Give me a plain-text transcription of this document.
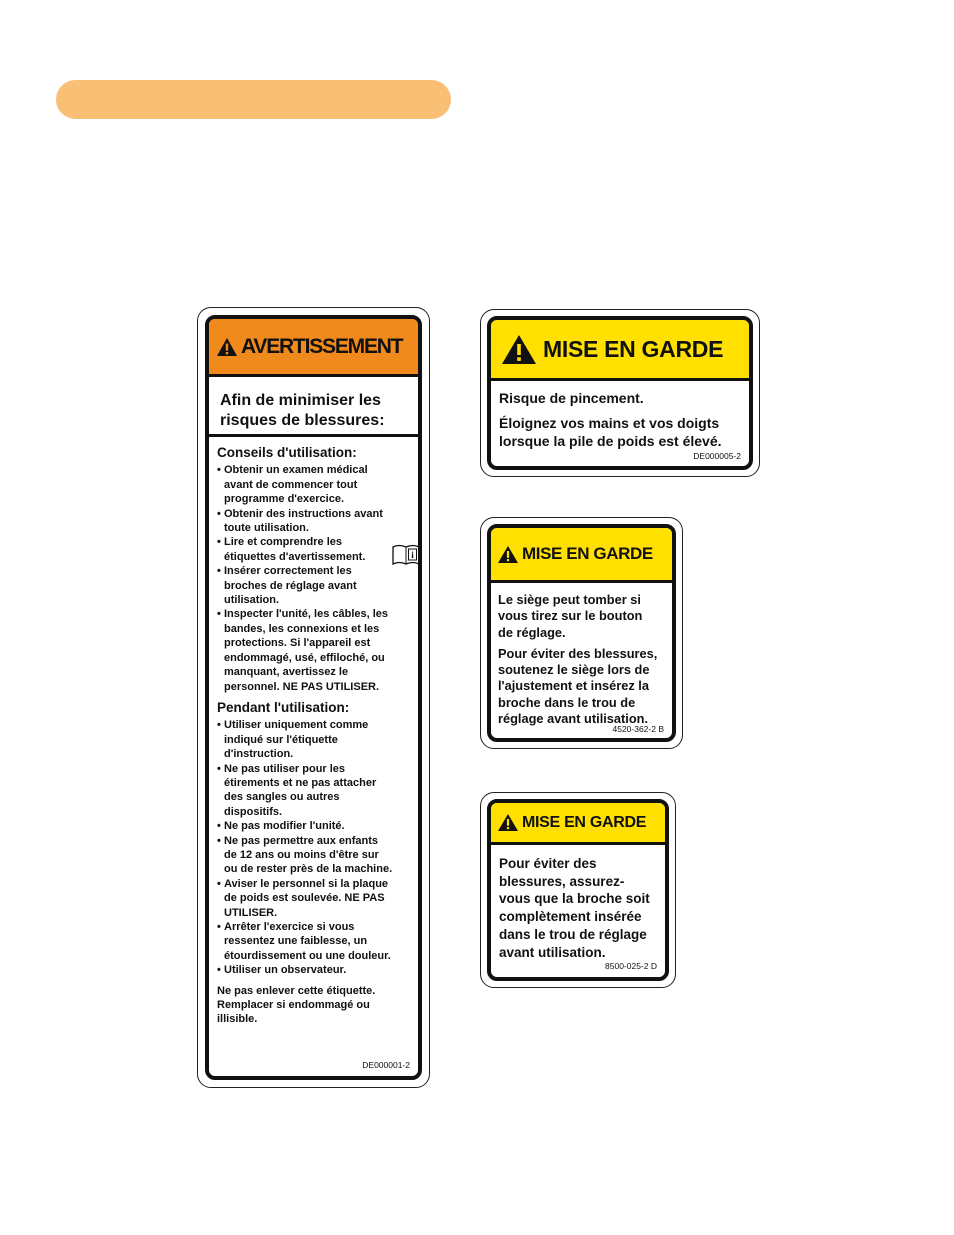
AVERTISSEMENT
Afin de minimiser les
risques de blessures:
Conseils d'utilisation:
• Obtenir un examen médical
avant de commencer tout
programme d'exercice.
• Obtenir des instructions avant
toute utilisation.
• Lire et comprendre les
étiquettes d'avertissement.
• Insérer correctement les
broches de réglage avant
utilisation.
• Inspecter l'unité, les câbles, les
bandes, les connexions et les
protections. Si l'appareil est
endommagé, usé, effiloché, ou
manquant, avertissez le
personnel. NE PAS UTILISER.
Pendant l'utilisation:
• Utiliser uniquement comme
indiqué sur l'étiquette
d'instruction.
• Ne pas utiliser pour les
étirements et ne pas attacher
des sangles ou autres
dispositifs.
• Ne pas modifier l'unité.
• Ne pas permettre aux enfants
de 12 ans ou moins d'être sur
ou de rester près de la machine.
• Aviser le personnel si la plaque
de poids est soulevée. NE PAS
UTILISER.
• Arrêter l'exercice si vous
ressentez une faiblesse, un
étourdissement ou une douleur.
• Utiliser un observateur.
Ne pas enlever cette étiquette.
Remplacer si endommagé ou
illisible.
i
DE000001-2
MISE EN GARDE
Risque de pincement.
Éloignez vos mains et vos doigts
lorsque la pile de poids est élevé.
DE000005-2
MISE EN GARDE
Le siège peut tomber si
vous tirez sur le bouton
de réglage.
Pour éviter des blessures,
soutenez le siège lors de
l'ajustement et insérez la
broche dans le trou de
réglage avant utilisation.
4520-362-2 B
MISE EN GARDE
Pour éviter des
blessures, assurez-
vous que la broche soit
complètement insérée
dans le trou de réglage
avant utilisation.
8500-025-2 D
